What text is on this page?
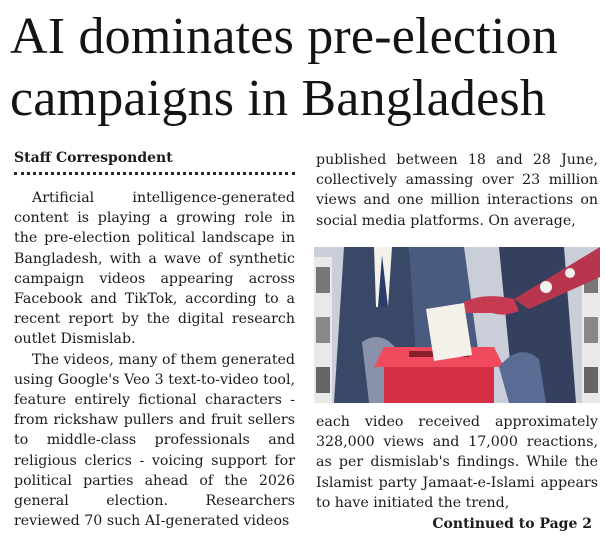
AI dominates pre-election
campaigns in Bangladesh
Staff Correspondent

Artificial intelligence-generated content is playing a growing role in the pre-election political landscape in Bangladesh, with a wave of synthetic campaign videos appearing across Facebook and TikTok, according to a recent report by the digital research outlet Dismislab.

The videos, many of them generated using Google's Veo 3 text-to-video tool, feature entirely fictional characters - from rickshaw pullers and fruit sellers to middle-class professionals and religious clerics - voicing support for political parties ahead of the 2026 general election. Researchers reviewed 70 such AI-generated videos

published between 18 and 28 June, collectively amassing over 23 million views and one million interactions on social media platforms. On average,

each video received approximately 328,000 views and 17,000 reactions, as per dismislab's findings. While the Islamist party Jamaat-e-Islami appears to have initiated the trend,

Continued to Page 2
